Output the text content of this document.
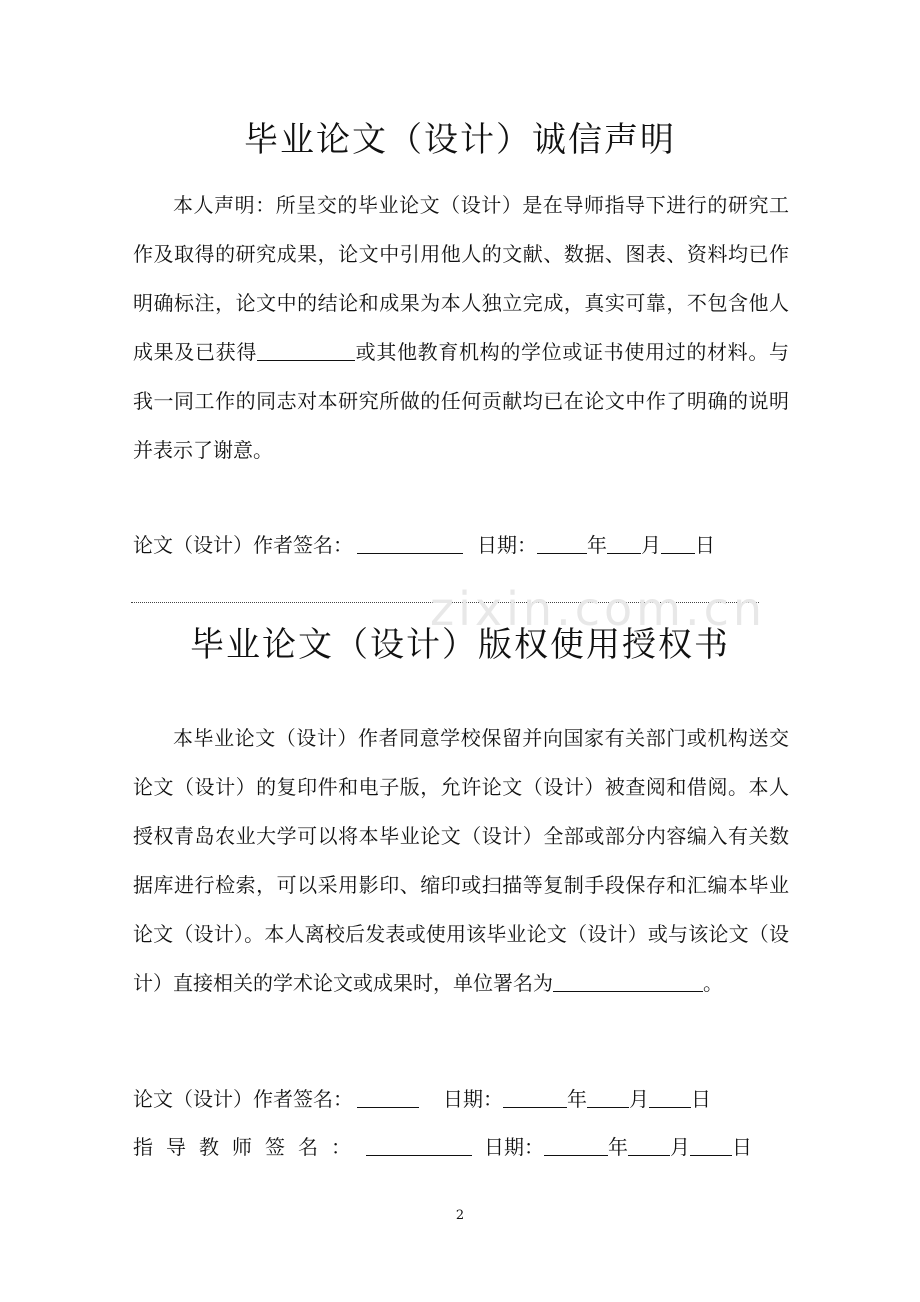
毕业论文（设计）诚信声明

本人声明：所呈交的毕业论文（设计）是在导师指导下进行的研究工作及取得的研究成果，论文中引用他人的文献、数据、图表、资料均已作明确标注，论文中的结论和成果为本人独立完成，真实可靠，不包含他人成果及已获得	或其他教育机构的学位或证书使用过的材料。与我一同工作的同志对本研究所做的任何贡献均已在论文中作了明确的说明并表示了谢意。

论文（设计）作者签名：	日期：	年 月 日
zixin.com.cn
毕业论文（设计）版权使用授权书

本毕业论文（设计）作者同意学校保留并向国家有关部门或机构送交论文（设计）的复印件和电子版，允许论文（设计）被查阅和借阅。本人授权青岛农业大学可以将本毕业论文（设计）全部或部分内容编入有关数据库进行检索，可以采用影印、缩印或扫描等复制手段保存和汇编本毕业论文（设计）。本人离校后发表或使用该毕业论文（设计）或与该论文（设计）直接相关的学术论文或成果时，单位署名为	。

论文（设计）作者签名：	日期：	年 月 日
指导教师签名：	日期：	年 月 日
2
